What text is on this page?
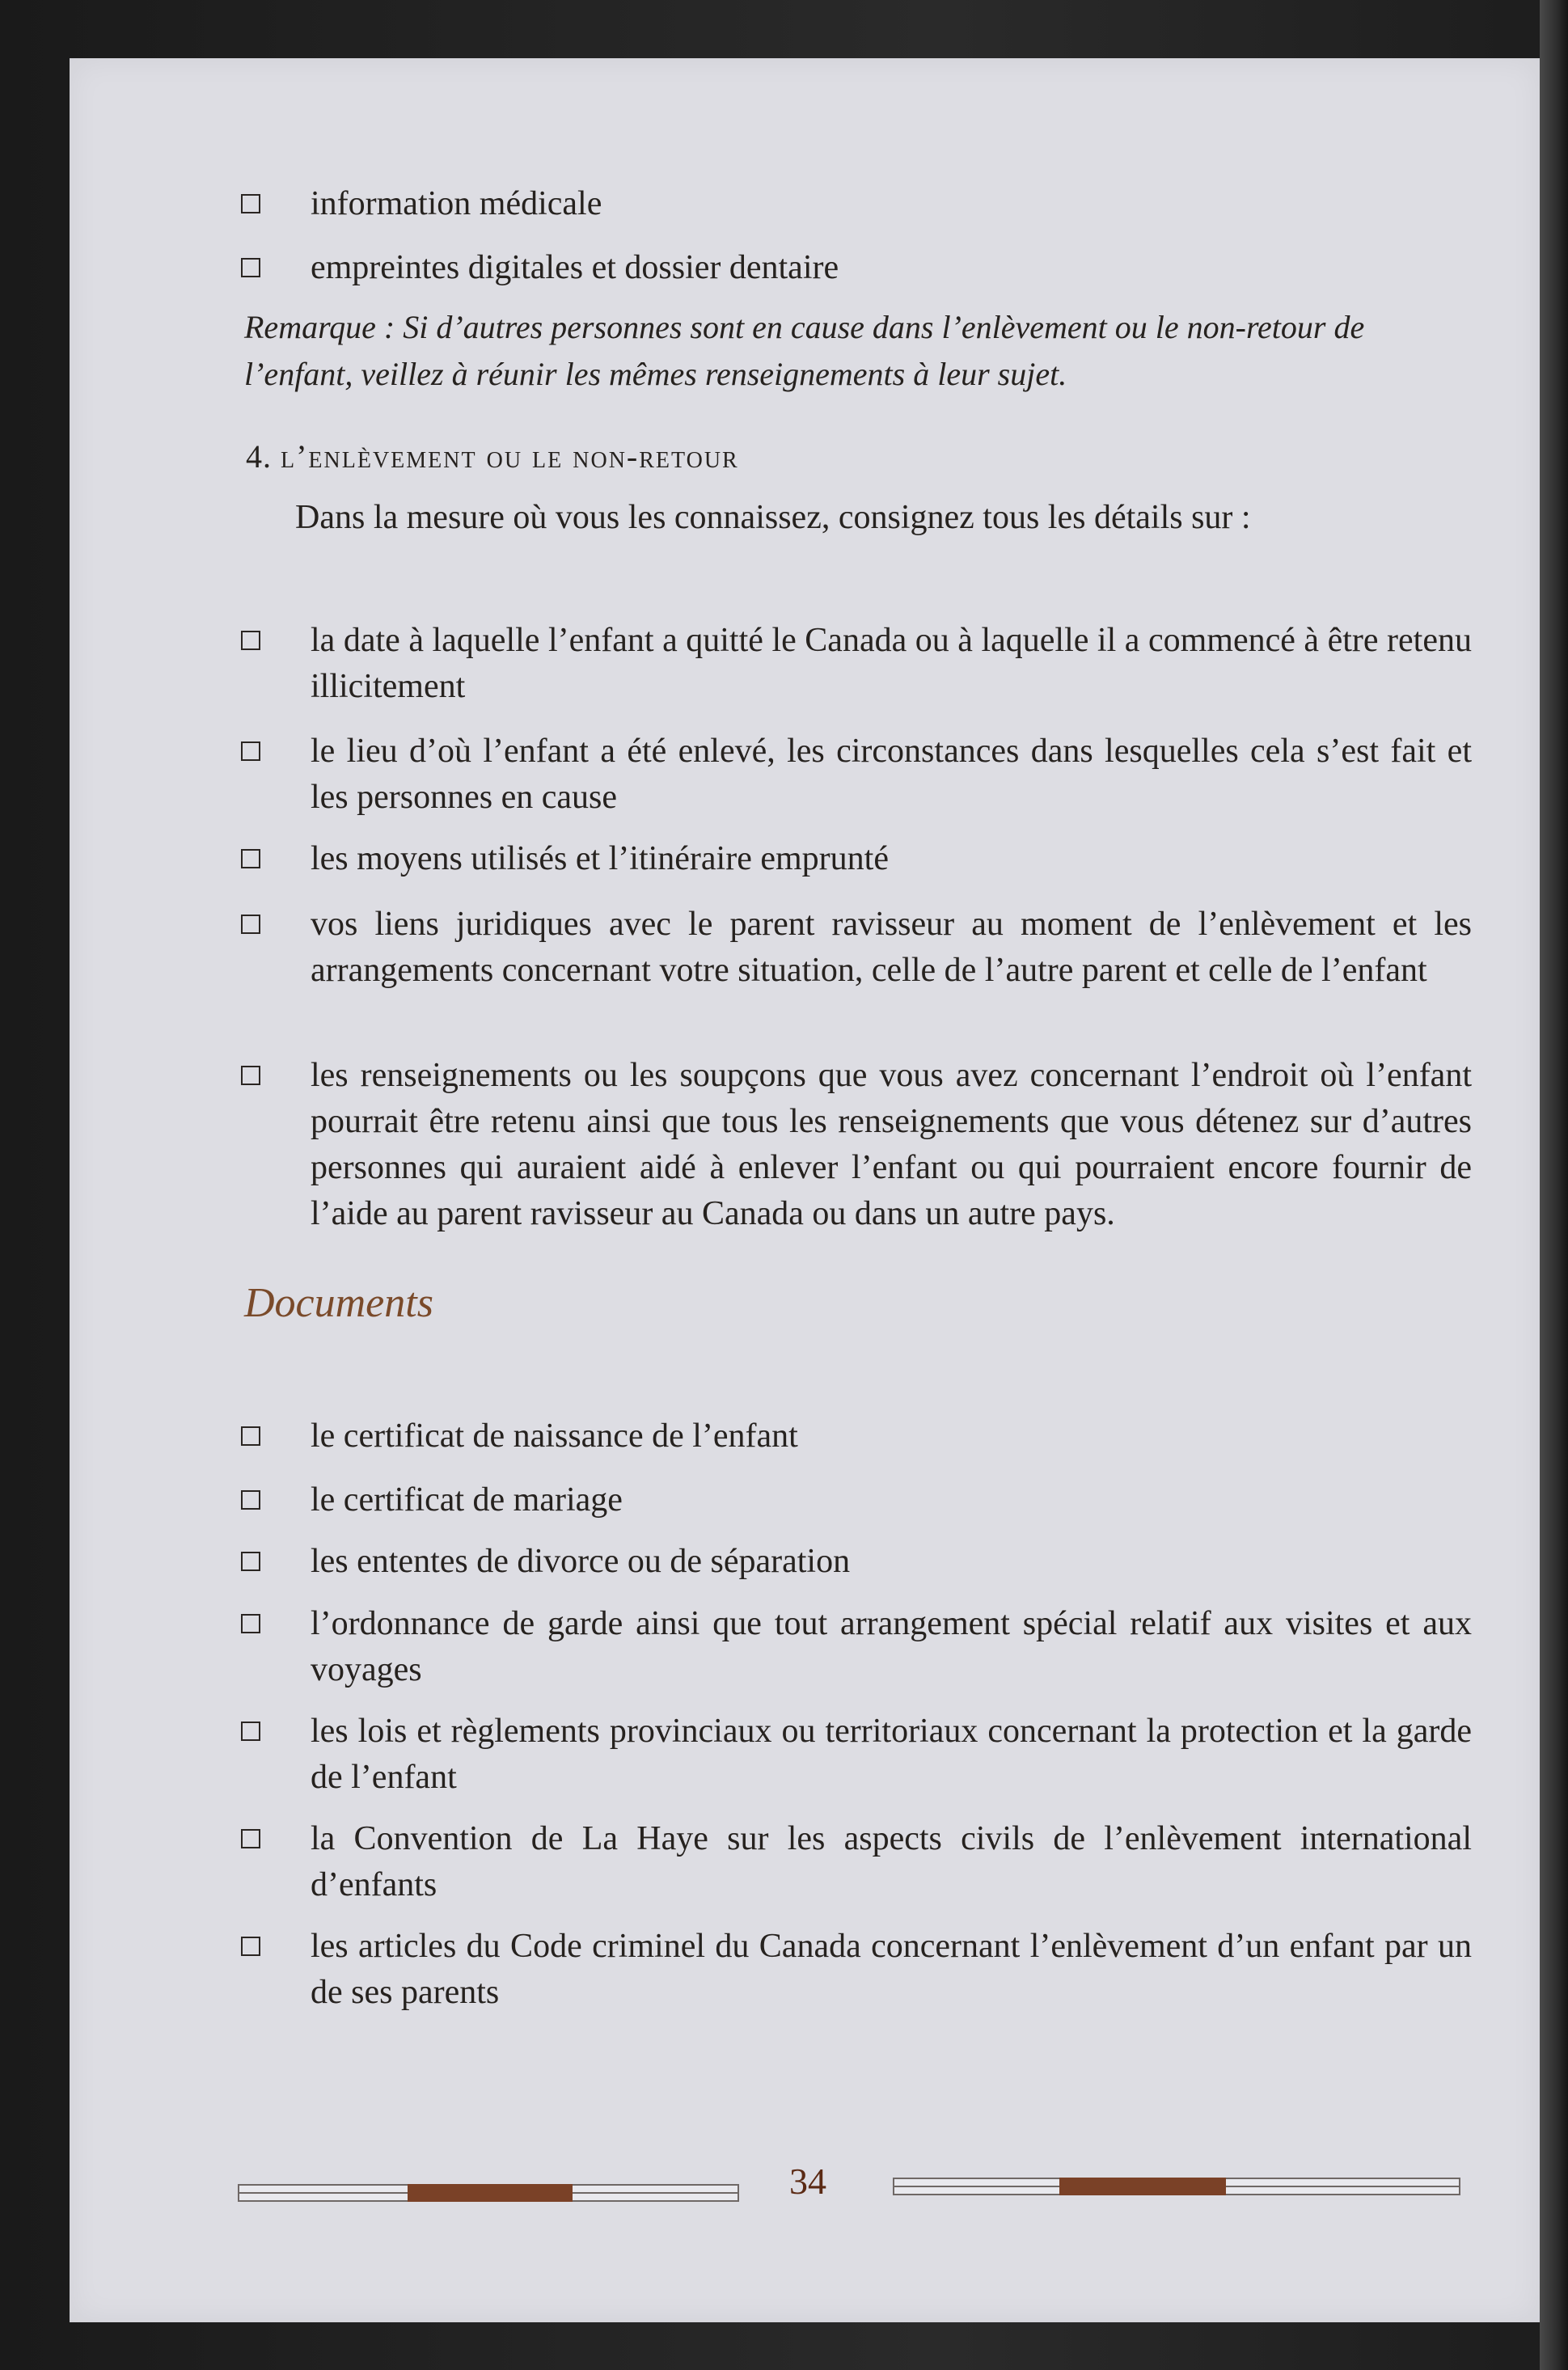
information médicale
empreintes digitales et dossier dentaire
Remarque : Si d’autres personnes sont en cause dans l’enlèvement ou le non-retour de l’enfant, veillez à réunir les mêmes renseignements à leur sujet.
4. l’enlèvement ou le non-retour
Dans la mesure où vous les connaissez, consignez tous les détails sur :
la date à laquelle l’enfant a quitté le Canada ou à laquelle il a commencé à être retenu illicitement
le lieu d’où l’enfant a été enlevé, les circonstances dans lesquelles cela s’est fait et les personnes en cause
les moyens utilisés et l’itinéraire emprunté
vos liens juridiques avec le parent ravisseur au moment de l’enlèvement et les arrangements concernant votre situation, celle de l’autre parent et celle de l’enfant
les renseignements ou les soupçons que vous avez concernant l’endroit où l’enfant pourrait être retenu ainsi que tous les renseignements que vous détenez sur d’autres personnes qui auraient aidé à enlever l’enfant ou qui pourraient encore fournir de l’aide au parent ravisseur au Canada ou dans un autre pays.
Documents
le certificat de naissance de l’enfant
le certificat de mariage
les ententes de divorce ou de séparation
l’ordonnance de garde ainsi que tout arrangement spécial relatif aux visites et aux voyages
les lois et règlements provinciaux ou territoriaux concernant la protection et la garde de l’enfant
la Convention de La Haye sur les aspects civils de l’enlèvement international d’enfants
les articles du Code criminel du Canada concernant l’enlèvement d’un enfant par un de ses parents
34
